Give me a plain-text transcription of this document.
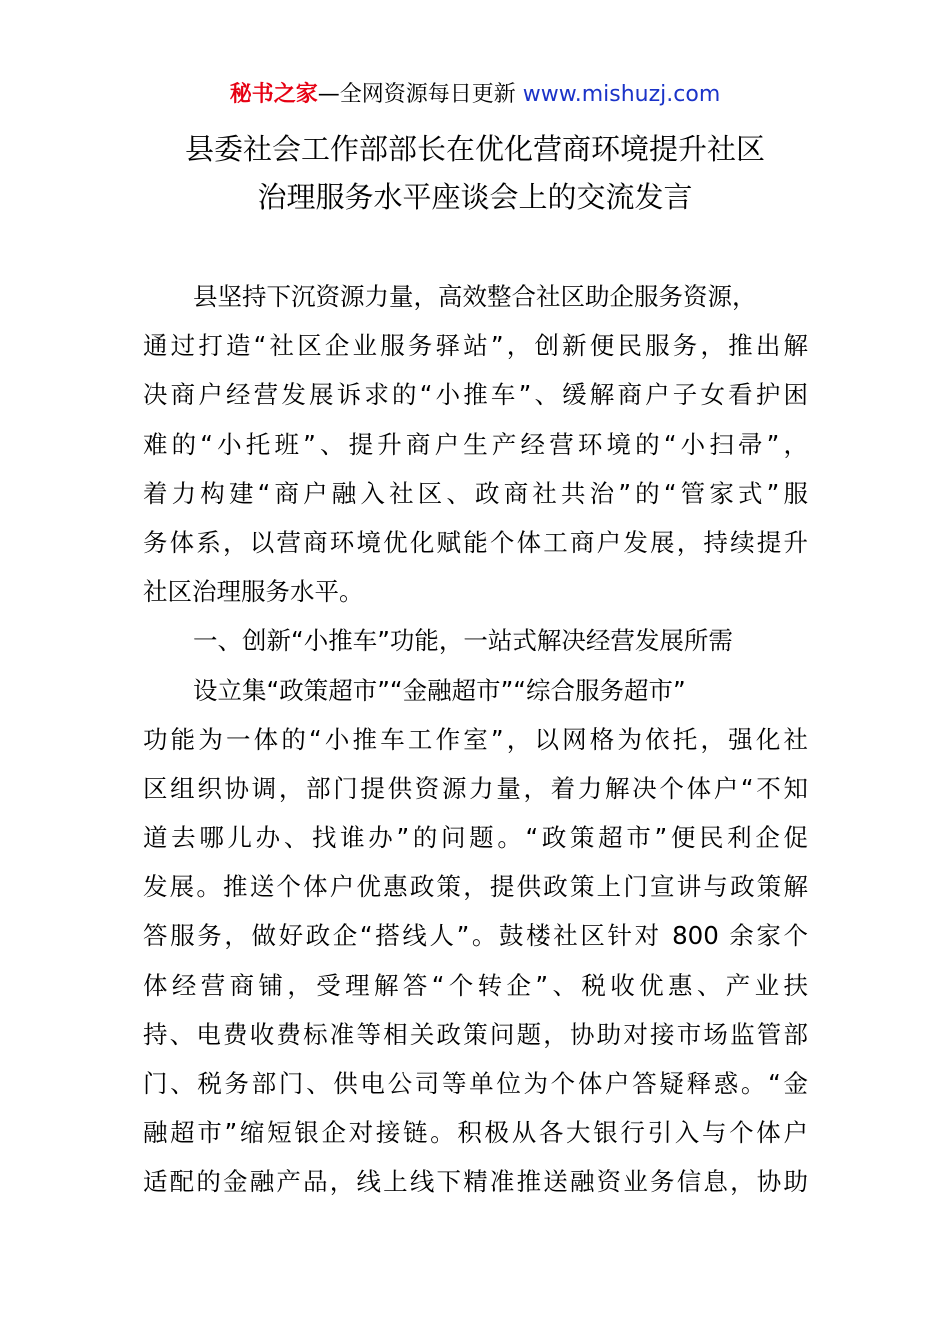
秘书之家—全网资源每日更新 www.mishuzj.com
县委社会工作部部长在优化营商环境提升社区
治理服务水平座谈会上的交流发言
县坚持下沉资源力量，高效整合社区助企服务资源，
通过打造“社区企业服务驿站”，创新便民服务，推出解
决商户经营发展诉求的“小推车”、缓解商户子女看护困
难的“小托班”、提升商户生产经营环境的“小扫帚”，
着力构建“商户融入社区、政商社共治”的“管家式”服
务体系，以营商环境优化赋能个体工商户发展，持续提升
社区治理服务水平。
一、创新“小推车”功能，一站式解决经营发展所需
设立集“政策超市”“金融超市”“综合服务超市”
功能为一体的“小推车工作室”，以网格为依托，强化社
区组织协调，部门提供资源力量，着力解决个体户“不知
道去哪儿办、找谁办”的问题。“政策超市”便民利企促
发展。推送个体户优惠政策，提供政策上门宣讲与政策解
答服务，做好政企“搭线人”。鼓楼社区针对 800 余家个
体经营商铺，受理解答“个转企”、税收优惠、产业扶
持、电费收费标准等相关政策问题，协助对接市场监管部
门、税务部门、供电公司等单位为个体户答疑释惑。“金
融超市”缩短银企对接链。积极从各大银行引入与个体户
适配的金融产品，线上线下精准推送融资业务信息，协助
